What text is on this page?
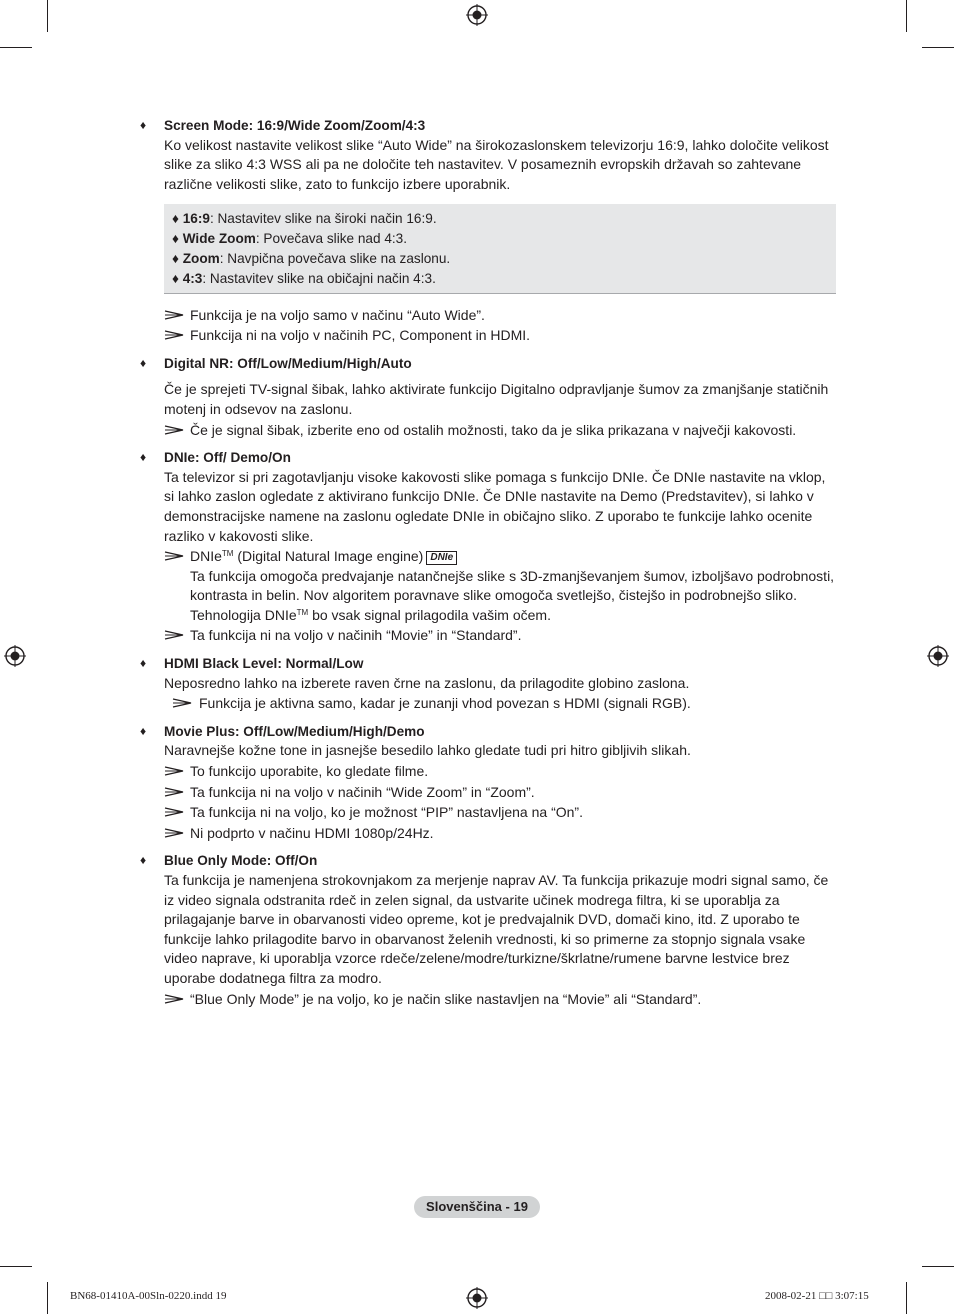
♦ Screen Mode: 16:9/Wide Zoom/Zoom/4:3
Ko velikost nastavite velikost slike “Auto Wide” na širokozaslonskem televizorju 16:9, lahko določite velikost slike za sliko 4:3 WSS ali pa ne določite teh nastavitev. V posameznih evropskih državah so zahtevane različne velikosti slike, zato to funkcijo izbere uporabnik.
♦ 16:9: Nastavitev slike na široki način 16:9.
♦ Wide Zoom: Povečava slike nad 4:3.
♦ Zoom: Navpična povečava slike na zaslonu.
♦ 4:3: Nastavitev slike na običajni način 4:3.
Funkcija je na voljo samo v načinu “Auto Wide”.
Funkcija ni na voljo v načinih PC, Component in HDMI.
♦ Digital NR: Off/Low/Medium/High/Auto
Če je sprejeti TV-signal šibak, lahko aktivirate funkcijo Digitalno odpravljanje šumov za zmanjšanje statičnih motenj in odsevov na zaslonu.
Če je signal šibak, izberite eno od ostalih možnosti, tako da je slika prikazana v največji kakovosti.
♦ DNIe: Off/ Demo/On
Ta televizor si pri zagotavljanju visoke kakovosti slike pomaga s funkcijo DNIe. Če DNIe nastavite na vklop, si lahko zaslon ogledate z aktivirano funkcijo DNIe. Če DNIe nastavite na Demo (Predstavitev), si lahko v demonstracijske namene na zaslonu ogledate DNIe in običajno sliko. Z uporabo te funkcije lahko ocenite razliko v kakovosti slike.
DNIe™ (Digital Natural Image engine) DNIe
Ta funkcija omogoča predvajanje natančnejše slike s 3D-zmanjševanjem šumov, izboljšavo podrobnosti, kontrasta in belin. Nov algoritem poravnave slike omogoča svetlejšo, čistejšo in podrobnejšo sliko. Tehnologija DNIe™ bo vsak signal prilagodila vašim očem.
Ta funkcija ni na voljo v načinih “Movie” in “Standard”.
♦ HDMI Black Level: Normal/Low
Neposredno lahko na izberete raven črne na zaslonu, da prilagodite globino zaslona.
Funkcija je aktivna samo, kadar je zunanji vhod povezan s HDMI (signali RGB).
♦ Movie Plus: Off/Low/Medium/High/Demo
Naravnejše kožne tone in jasnejše besedilo lahko gledate tudi pri hitro gibljivih slikah.
To funkcijo uporabite, ko gledate filme.
Ta funkcija ni na voljo v načinih “Wide Zoom” in “Zoom”.
Ta funkcija ni na voljo, ko je možnost “PIP” nastavljena na “On”.
Ni podprto v načinu HDMI 1080p/24Hz.
♦ Blue Only Mode: Off/On
Ta funkcija je namenjena strokovnjakom za merjenje naprav AV. Ta funkcija prikazuje modri signal samo, če iz video signala odstranita rdeč in zelen signal, da ustvarite učinek modrega filtra, ki se uporablja za prilagajanje barve in obarvanosti video opreme, kot je predvajalnik DVD, domači kino, itd. Z uporabo te funkcije lahko prilagodite barvo in obarvanost želenih vrednosti, ki so primerne za stopnjo signala vsake video naprave, ki uporablja vzorce rdeče/zelene/modre/turkizne/škrlatne/rumene barvne lestvice brez uporabe dodatnega filtra za modro.
“Blue Only Mode” je na voljo, ko je način slike nastavljen na “Movie” ali “Standard”.
Slovenščina - 19
BN68-01410A-00Sln-0220.indd 19	2008-02-21 □□ 3:07:15
